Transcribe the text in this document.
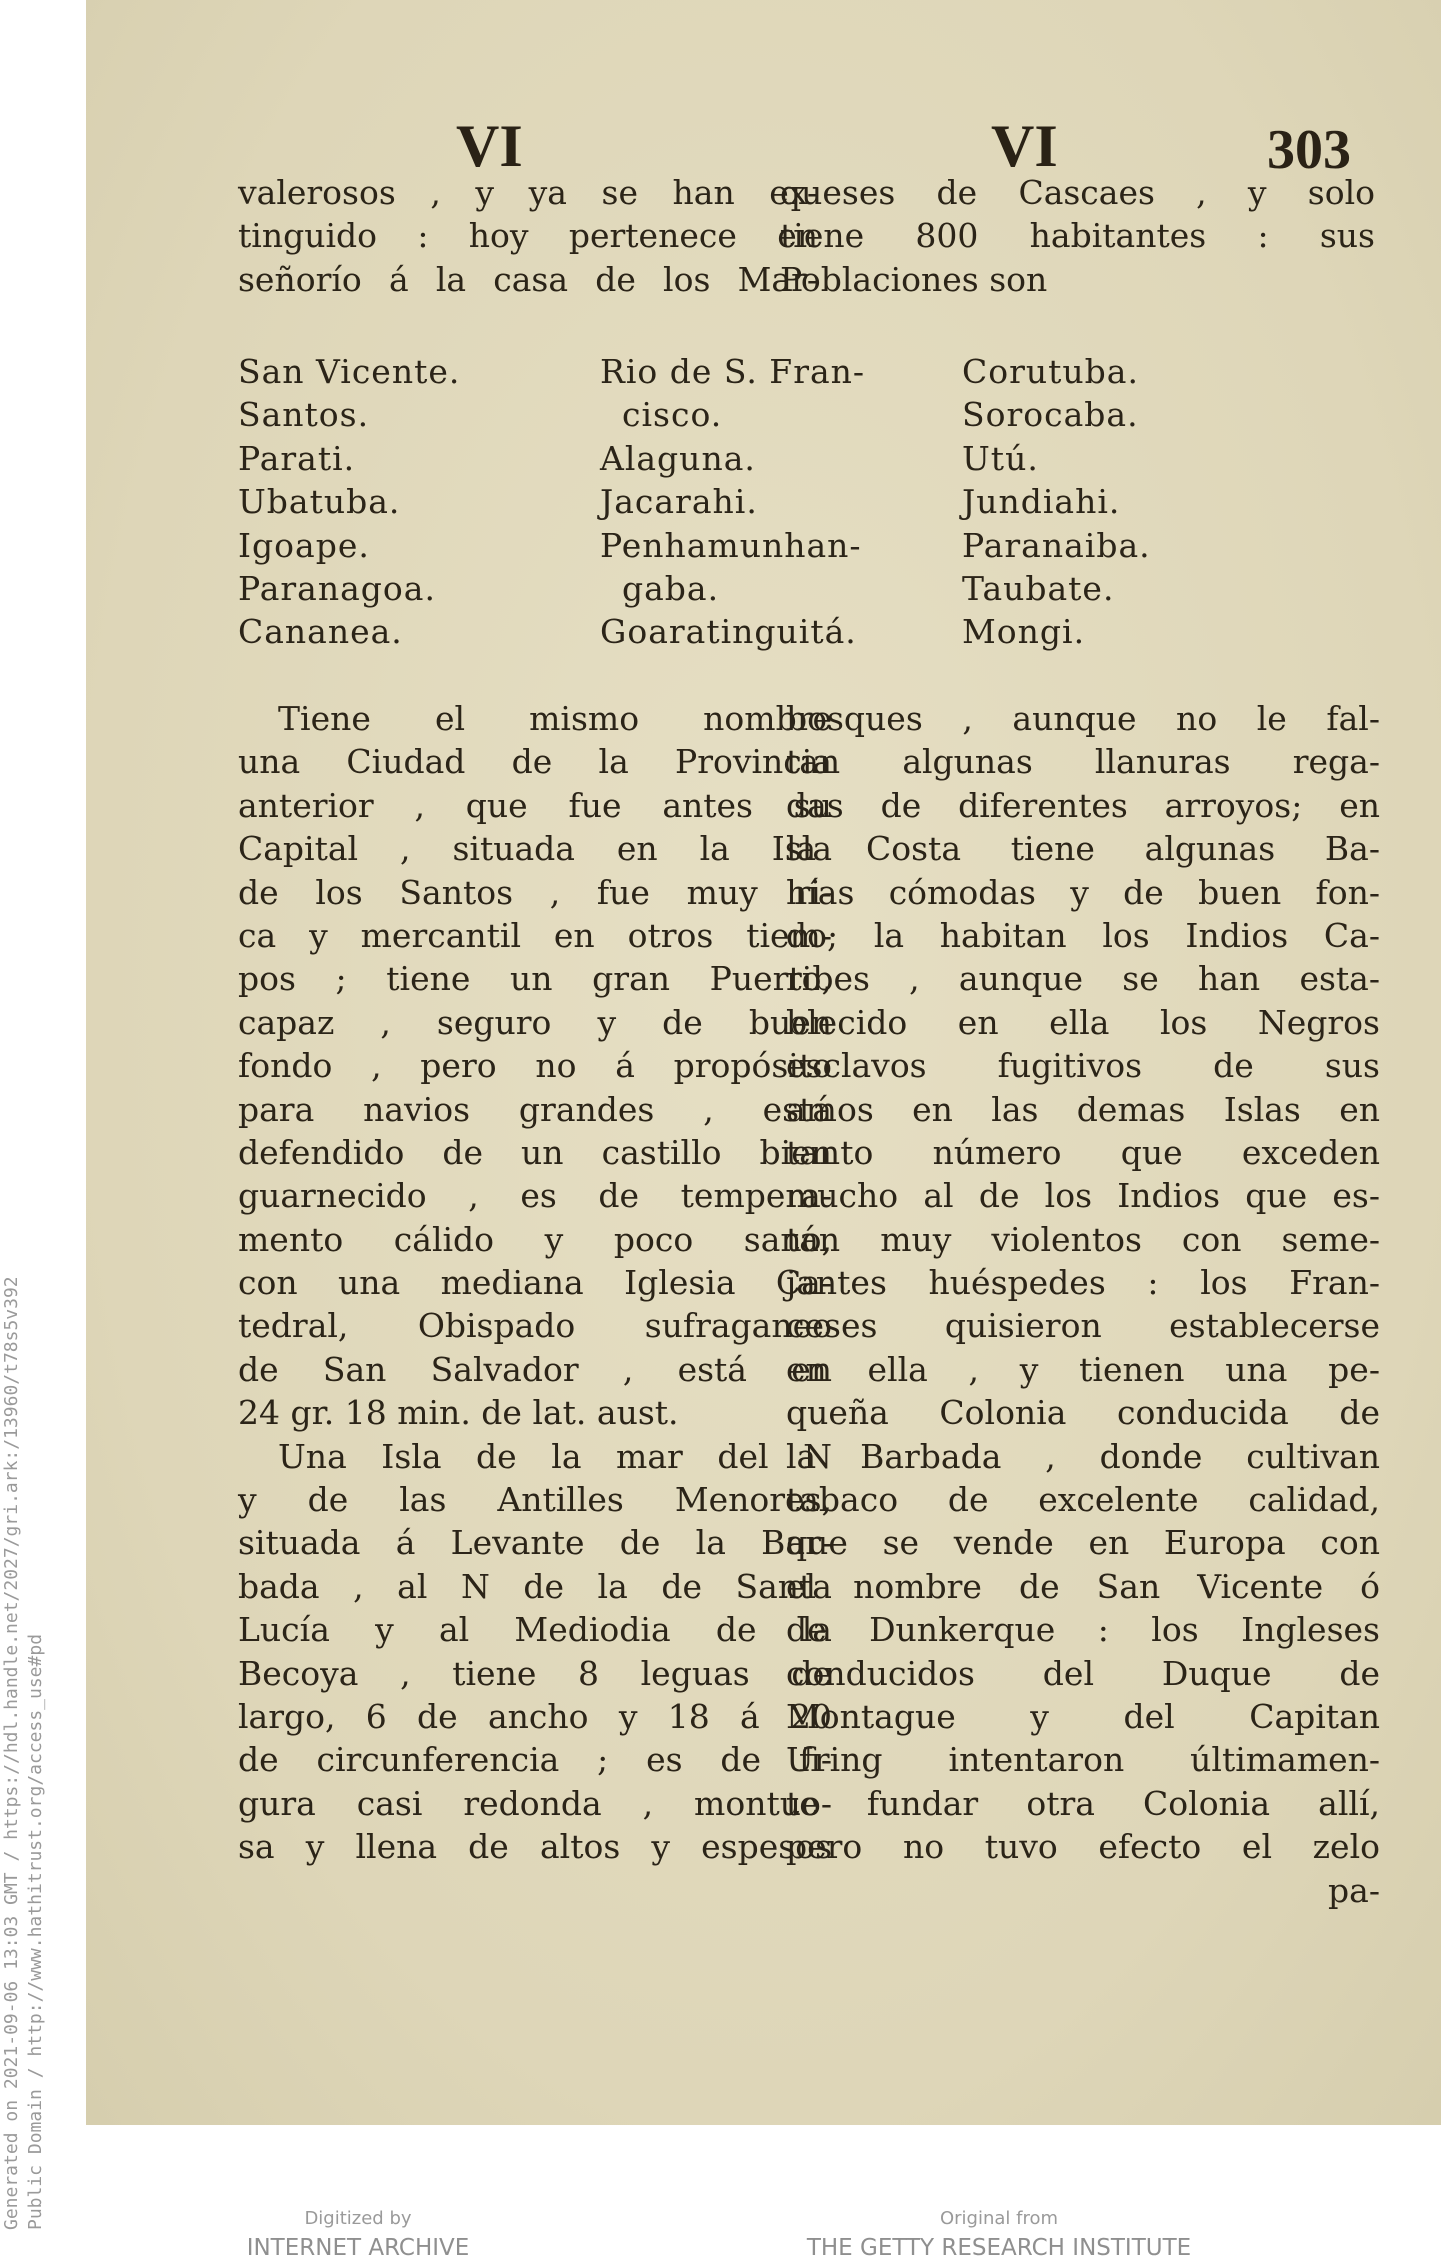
VI	VI	303
valerosos , y ya se han ex-
tinguido : hoy pertenece en
señorío á la casa de los Mar-
queses de Cascaes , y solo
tiene 800 habitantes : sus
Poblaciones son
San Vicente.
Santos.
Parati.
Ubatuba.
Igoape.
Paranagoa.
Cananea.
Rio de S. Fran-
cisco.
Alaguna.
Jacarahi.
Penhamunhan-
gaba.
Goaratinguitá.
Corutuba.
Sorocaba.
Utú.
Jundiahi.
Paranaiba.
Taubate.
Mongi.
Tiene el mismo nombre
una Ciudad de la Provincia
anterior , que fue antes su
Capital , situada en la Isla
de los Santos , fue muy ri-
ca y mercantil en otros tiem-
pos ; tiene un gran Puerto,
capaz , seguro y de buen
fondo , pero no á propósito
para navios grandes , está
defendido de un castillo bien
guarnecido , es de tempera-
mento cálido y poco sano,
con una mediana Iglesia Ca-
tedral, Obispado sufraganeo
de San Salvador , está en
24 gr. 18 min. de lat. aust.
Una Isla de la mar del N
y de las Antilles Menores,
situada á Levante de la Bar-
bada , al N de la de Santa
Lucía y al Mediodia de la
Becoya , tiene 8 leguas de
largo, 6 de ancho y 18 á 20
de circunferencia ; es de fi-
gura casi redonda , montuo-
sa y llena de altos y espesos
bosques , aunque no le fal-
tan algunas llanuras rega-
das de diferentes arroyos; en
la Costa tiene algunas Ba-
hías cómodas y de buen fon-
do; la habitan los Indios Ca-
ribes , aunque se han esta-
blecido en ella los Negros
esclavos fugitivos de sus
amos en las demas Islas en
tanto número que exceden
mucho al de los Indios que es-
tán muy violentos con seme-
jantes huéspedes : los Fran-
ceses quisieron establecerse
en ella , y tienen una pe-
queña Colonia conducida de
la Barbada , donde cultivan
tabaco de excelente calidad,
que se vende en Europa con
el nombre de San Vicente ó
de Dunkerque : los Ingleses
conducidos del Duque de
Montague y del Capitan
Uring intentaron últimamen-
te fundar otra Colonia allí,
pero no tuvo efecto el zelo
pa-
Digitized by
INTERNET ARCHIVE
Original from
THE GETTY RESEARCH INSTITUTE
Generated on 2021-09-06 13:03 GMT / https://hdl.handle.net/2027/gri.ark:/13960/t78s5v392 Public Domain / http://www.hathitrust.org/access_use#pd
